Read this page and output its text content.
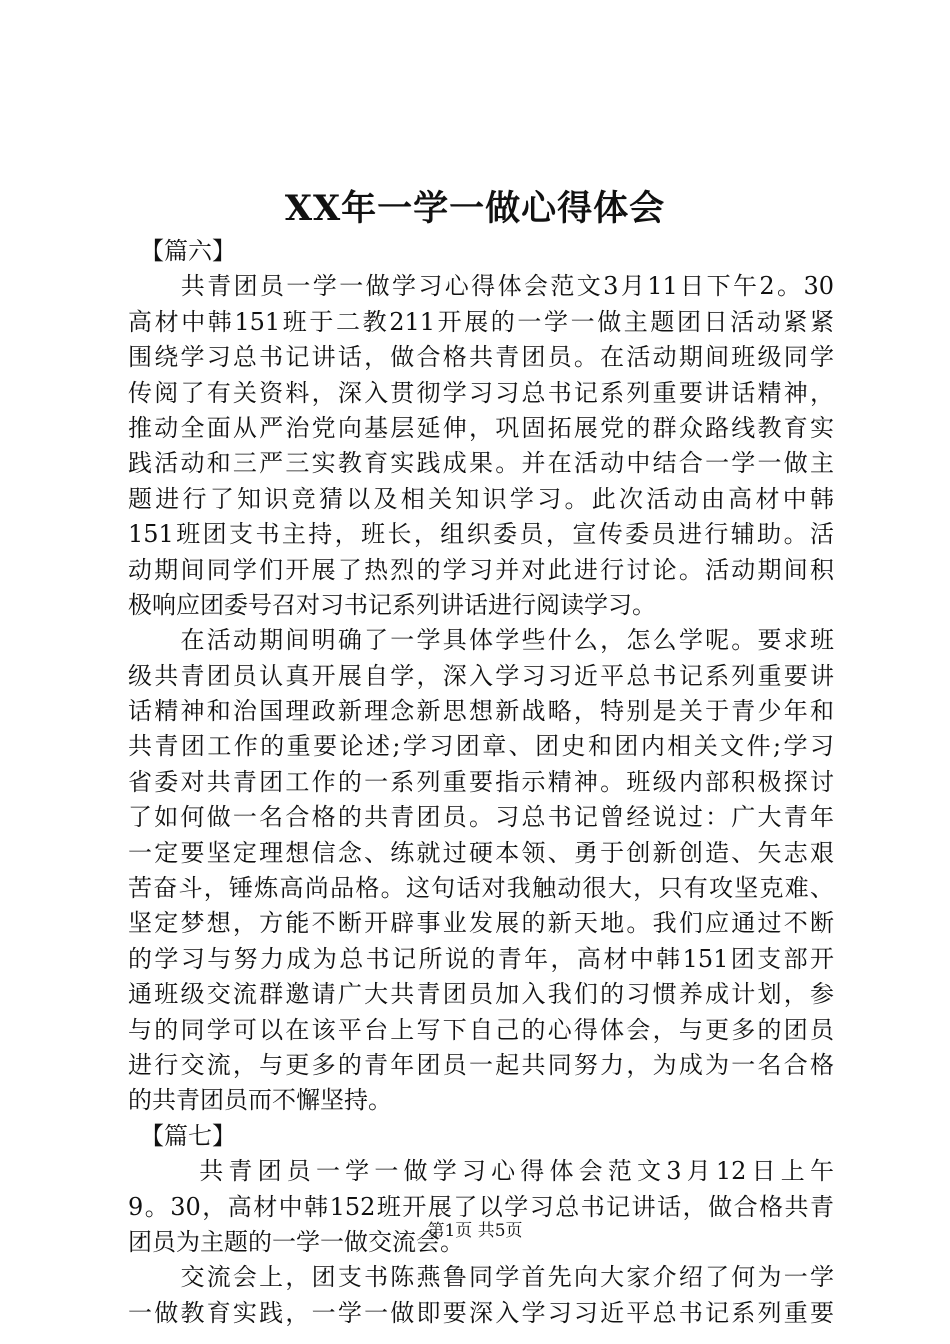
XX年一学一做心得体会
　【篇六】
　　共青团员一学一做学习心得体会范文3月11日下午2。30
高材中韩151班于二教211开展的一学一做主题团日活动紧紧
围绕学习总书记讲话，做合格共青团员。在活动期间班级同学
传阅了有关资料，深入贯彻学习习总书记系列重要讲话精神，
推动全面从严治党向基层延伸，巩固拓展党的群众路线教育实
践活动和三严三实教育实践成果。并在活动中结合一学一做主
题进行了知识竞猜以及相关知识学习。此次活动由高材中韩
151班团支书主持，班长，组织委员，宣传委员进行辅助。活
动期间同学们开展了热烈的学习并对此进行讨论。活动期间积
极响应团委号召对习书记系列讲话进行阅读学习。
　　在活动期间明确了一学具体学些什么，怎么学呢。要求班
级共青团员认真开展自学，深入学习习近平总书记系列重要讲
话精神和治国理政新理念新思想新战略，特别是关于青少年和
共青团工作的重要论述;学习团章、团史和团内相关文件;学习
省委对共青团工作的一系列重要指示精神。班级内部积极探讨
了如何做一名合格的共青团员。习总书记曾经说过：广大青年
一定要坚定理想信念、练就过硬本领、勇于创新创造、矢志艰
苦奋斗，锤炼高尚品格。这句话对我触动很大，只有攻坚克难、
坚定梦想，方能不断开辟事业发展的新天地。我们应通过不断
的学习与努力成为总书记所说的青年，高材中韩151团支部开
通班级交流群邀请广大共青团员加入我们的习惯养成计划，参
与的同学可以在该平台上写下自己的心得体会，与更多的团员
进行交流，与更多的青年团员一起共同努力，为成为一名合格
的共青团员而不懈坚持。
　【篇七】
　　 共青团员一学一做学习心得体会范文3月12日上午
9。30，高材中韩152班开展了以学习总书记讲话，做合格共青
团员为主题的一学一做交流会。
　　交流会上，团支书陈燕鲁同学首先向大家介绍了何为一学
一做教育实践，一学一做即要深入学习习近平总书记系列重要
第1页 共5页
